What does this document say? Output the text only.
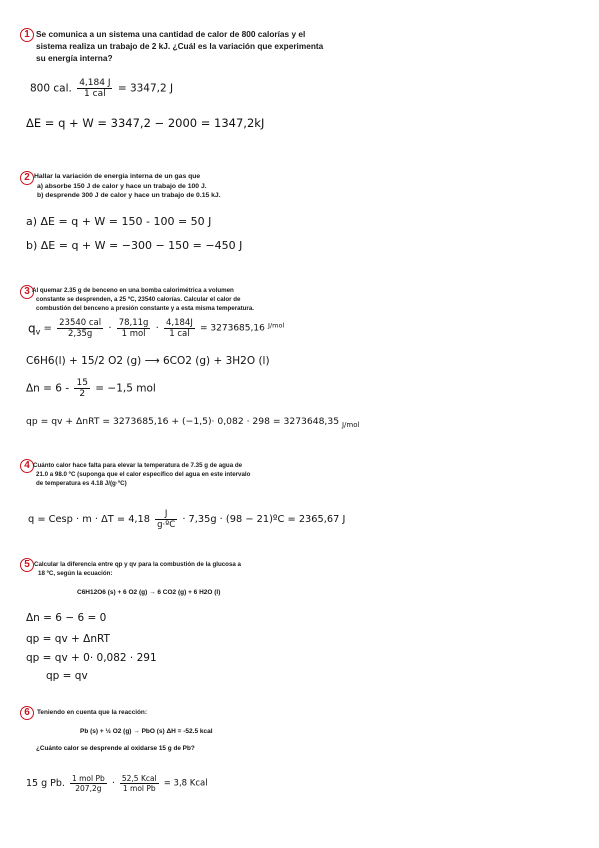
1 Se comunica a un sistema una cantidad de calor de 800 calorías y el
sistema realiza un trabajo de 2 kJ. ¿Cuál es la variación que experimenta
su energía interna?
800 cal. $\frac{4,184 J}{\text{1 cal}} = 3347,2$ J
ΔE = q + W = 3347,2 − 2000 = 1347,2kJ
2 Hallar la variación de energía interna de un gas que
a) absorbe 150 J de calor y hace un trabajo de 100 J.
b) desprende 300 J de calor y hace un trabajo de 0.15 kJ.
a) ΔE = q + W = 150 - 100 = 50 J
b) ΔE = q + W = −300 − 150 = −450 J
3 Al quemar 2.35 g de benceno en una bomba calorimétrica a volumen
constante se desprenden, a 25 ºC, 23540 calorías. Calcular el calor de
combustión del benceno a presión constante y a esta misma temperatura.
$q_v = \frac{\text{23540 cal}}{2,35g} \cdot \frac{78,11g}{\text{1 mol}} \cdot \frac{4,184J}{\text{1 cal}} = 3273685,16$ $^{J/mol}$
C6H6(l) + 15/2 O2 (g) ⟶ 6CO2 (g) + 3H2O (l)
$\Delta n = 6 - \frac{15}{2} = -1,5$ mol
qp = qv + ΔnRT = 3273685,16 + (−1,5)· 0,082 · 298 = 3273648,35 $_{J/mol}$
4 Cuánto calor hace falta para elevar la temperatura de 7.35 g de agua de
21.0 a 98.0 ºC (suponga que el calor específico del agua en este intervalo
de temperatura es 4.18 J/(g·ºC)
q = Cesp · $m \cdot \Delta T = 4,18 \frac{J}{\text{g·ºC}} \cdot 7,35g \cdot (98$ − 21)ºC = 2365,67 J
5 Calcular la diferencia entre qp y qv para la combustión de la glucosa a
18 ºC, según la ecuación:
C6H12O6 (s) + 6 O2 (g) → 6 CO2 (g) + 6 H2O (l)
Δn = 6 − 6 = 0
qp = qv + ΔnRT
qp = qv + 0· 0,082 · 291
qp = qv
6	Teniendo en cuenta que la reacción:
Pb (s) + ½ O2 (g) → PbO (s) ΔH = -52.5 kcal
¿Cuánto calor se desprende al oxidarse 15 g de Pb?
15 g Pb. $\frac{\text{1 mol Pb}}{207,2g} \cdot \frac{\text{52,5 Kcal}}{\text{1 mol Pb}} = 3,8$ Kcal
